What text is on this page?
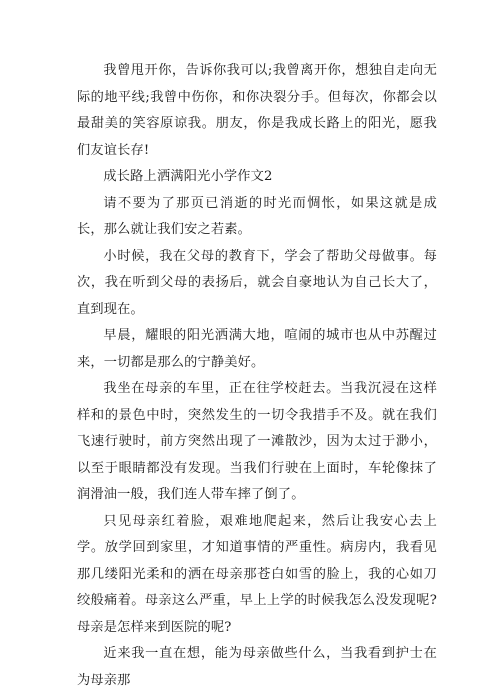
我曾甩开你，告诉你我可以;我曾离开你，想独自走向无际的地平线;我曾中伤你，和你决裂分手。但每次，你都会以最甜美的笑容原谅我。朋友，你是我成长路上的阳光，愿我们友谊长存!

成长路上洒满阳光小学作文2

请不要为了那页已消逝的时光而惆怅，如果这就是成长，那么就让我们安之若素。

小时候，我在父母的教育下，学会了帮助父母做事。每次，我在听到父母的表扬后，就会自豪地认为自己长大了，直到现在。

早晨，耀眼的阳光洒满大地，喧闹的城市也从中苏醒过来，一切都是那么的宁静美好。

我坐在母亲的车里，正在往学校赶去。当我沉浸在这样样和的景色中时，突然发生的一切令我措手不及。就在我们飞速行驶时，前方突然出现了一滩散沙，因为太过于渺小，以至于眼睛都没有发现。当我们行驶在上面时，车轮像抹了润滑油一般，我们连人带车摔了倒了。

只见母亲红着脸，艰难地爬起来，然后让我安心去上学。放学回到家里，才知道事情的严重性。病房内，我看见那几缕阳光柔和的洒在母亲那苍白如雪的脸上，我的心如刀绞般痛着。母亲这么严重，早上上学的时候我怎么没发现呢?母亲是怎样来到医院的呢?

近来我一直在想，能为母亲做些什么，当我看到护士在为母亲那
